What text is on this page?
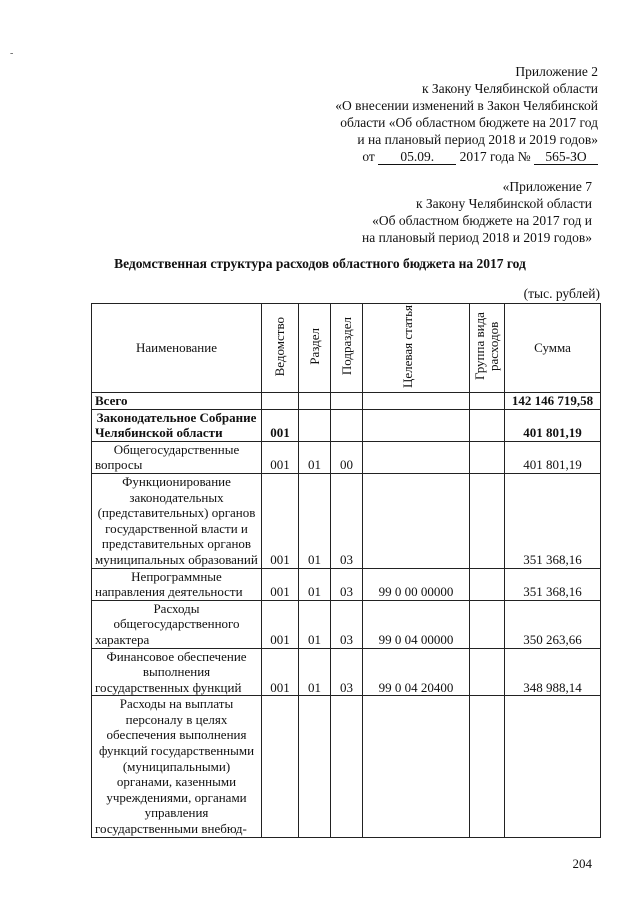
-
Приложение 2
к Закону Челябинской области
«О внесении изменений в Закон Челябинской
области «Об областном бюджете на 2017 год
и на плановый период 2018 и 2019 годов»
от 05.09. 2017 года № 565-ЗО
«Приложение 7
к Закону Челябинской области
«Об областном бюджете на 2017 год и
на плановый период 2018 и 2019 годов»
Ведомственная структура расходов областного бюджета на 2017 год
(тыс. рублей)
Наименование	Ведомство	Раздел	Подраздел	Целевая статья	Группа вида расходов	Сумма
Всего						142 146 719,58
Законодательное Собрание Челябинской области	001					401 801,19
Общегосударственные вопросы	001	01	00			401 801,19
Функционирование законодательных (представительных) органов государственной власти и представительных органов муниципальных образований	001	01	03			351 368,16
Непрограммные направления деятельности	001	01	03	99 0 00 00000		351 368,16
Расходы общегосударственного характера	001	01	03	99 0 04 00000		350 263,66
Финансовое обеспечение выполнения государственных функций	001	01	03	99 0 04 20400		348 988,14
Расходы на выплаты персоналу в целях обеспечения выполнения функций государственными (муниципальными) органами, казенными учреждениями, органами управления государственными внебюд-						
204
